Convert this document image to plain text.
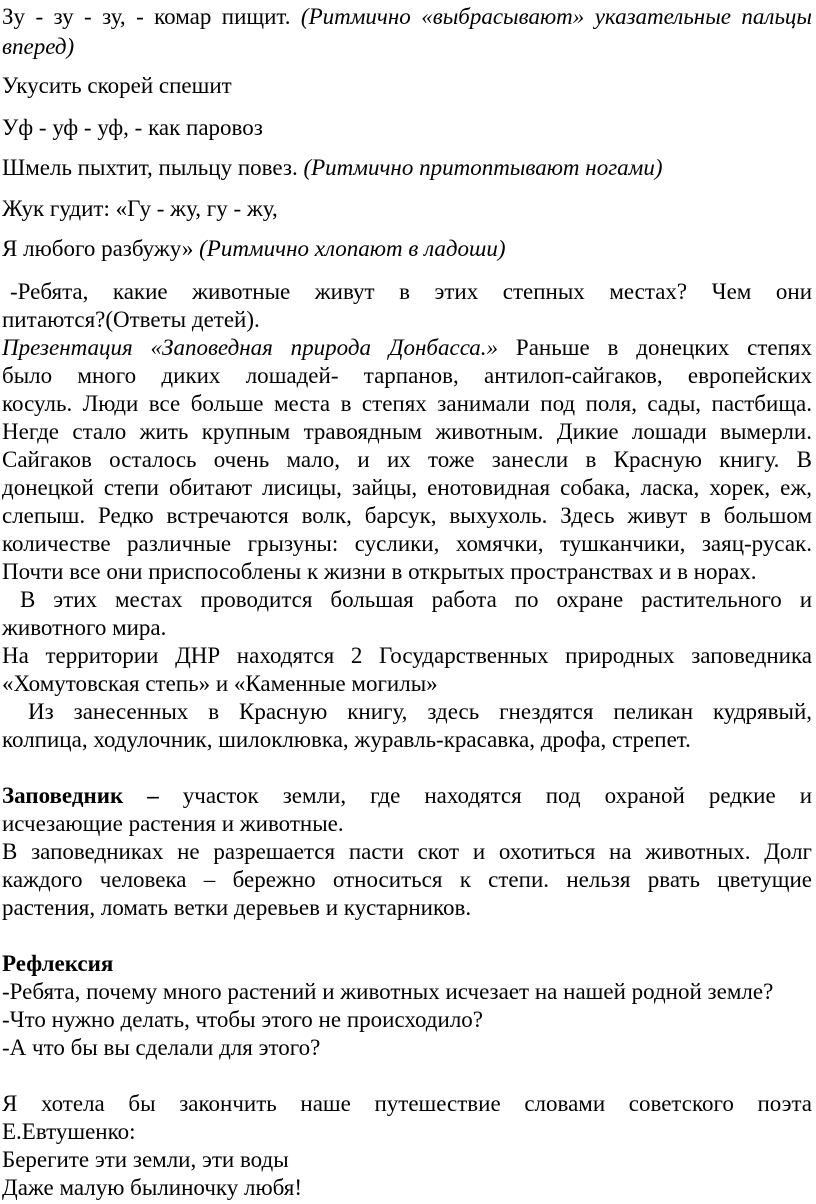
Зу - зу - зу, - комар пищит. (Ритмично «выбрасывают» указательные пальцы
вперед)
Укусить скорей спешит
Уф - уф - уф, - как паровоз
Шмель пыхтит, пыльцу повез. (Ритмично притоптывают ногами)
Жук гудит: «Гу - жу, гу - жу,
Я любого разбужу» (Ритмично хлопают в ладоши)
-Ребята, какие животные живут в этих степных местах? Чем они
питаются?(Ответы детей).
Презентация «Заповедная природа Донбасса.» Раньше в донецких степях
было много диких лошадей- тарпанов, антилоп-сайгаков, европейских
косуль. Люди все больше места в степях занимали под поля, сады, пастбища.
Негде стало жить крупным травоядным животным. Дикие лошади вымерли.
Сайгаков осталось очень мало, и их тоже занесли в Красную книгу. В
донецкой степи обитают лисицы, зайцы, енотовидная собака, ласка, хорек, еж,
слепыш. Редко встречаются волк, барсук, выхухоль. Здесь живут в большом
количестве различные грызуны: суслики, хомячки, тушканчики, заяц-русак.
Почти все они приспособлены к жизни в открытых пространствах и в норах.
В этих местах проводится большая работа по охране растительного и
животного мира.
На территории ДНР находятся 2 Государственных природных заповедника
«Хомутовская степь» и «Каменные могилы»
Из занесенных в Красную книгу, здесь гнездятся пеликан кудрявый,
колпица, ходулочник, шилоклювка, журавль-красавка, дрофа, стрепет.
Заповедник – участок земли, где находятся под охраной редкие и
исчезающие растения и животные.
В заповедниках не разрешается пасти скот и охотиться на животных. Долг
каждого человека – бережно относиться к степи. нельзя рвать цветущие
растения, ломать ветки деревьев и кустарников.
Рефлексия
-Ребята, почему много растений и животных исчезает на нашей родной земле?
-Что нужно делать, чтобы этого не происходило?
-А что бы вы сделали для этого?
Я хотела бы закончить наше путешествие словами советского поэта
Е.Евтушенко:
Берегите эти земли, эти воды
Даже малую былиночку любя!
